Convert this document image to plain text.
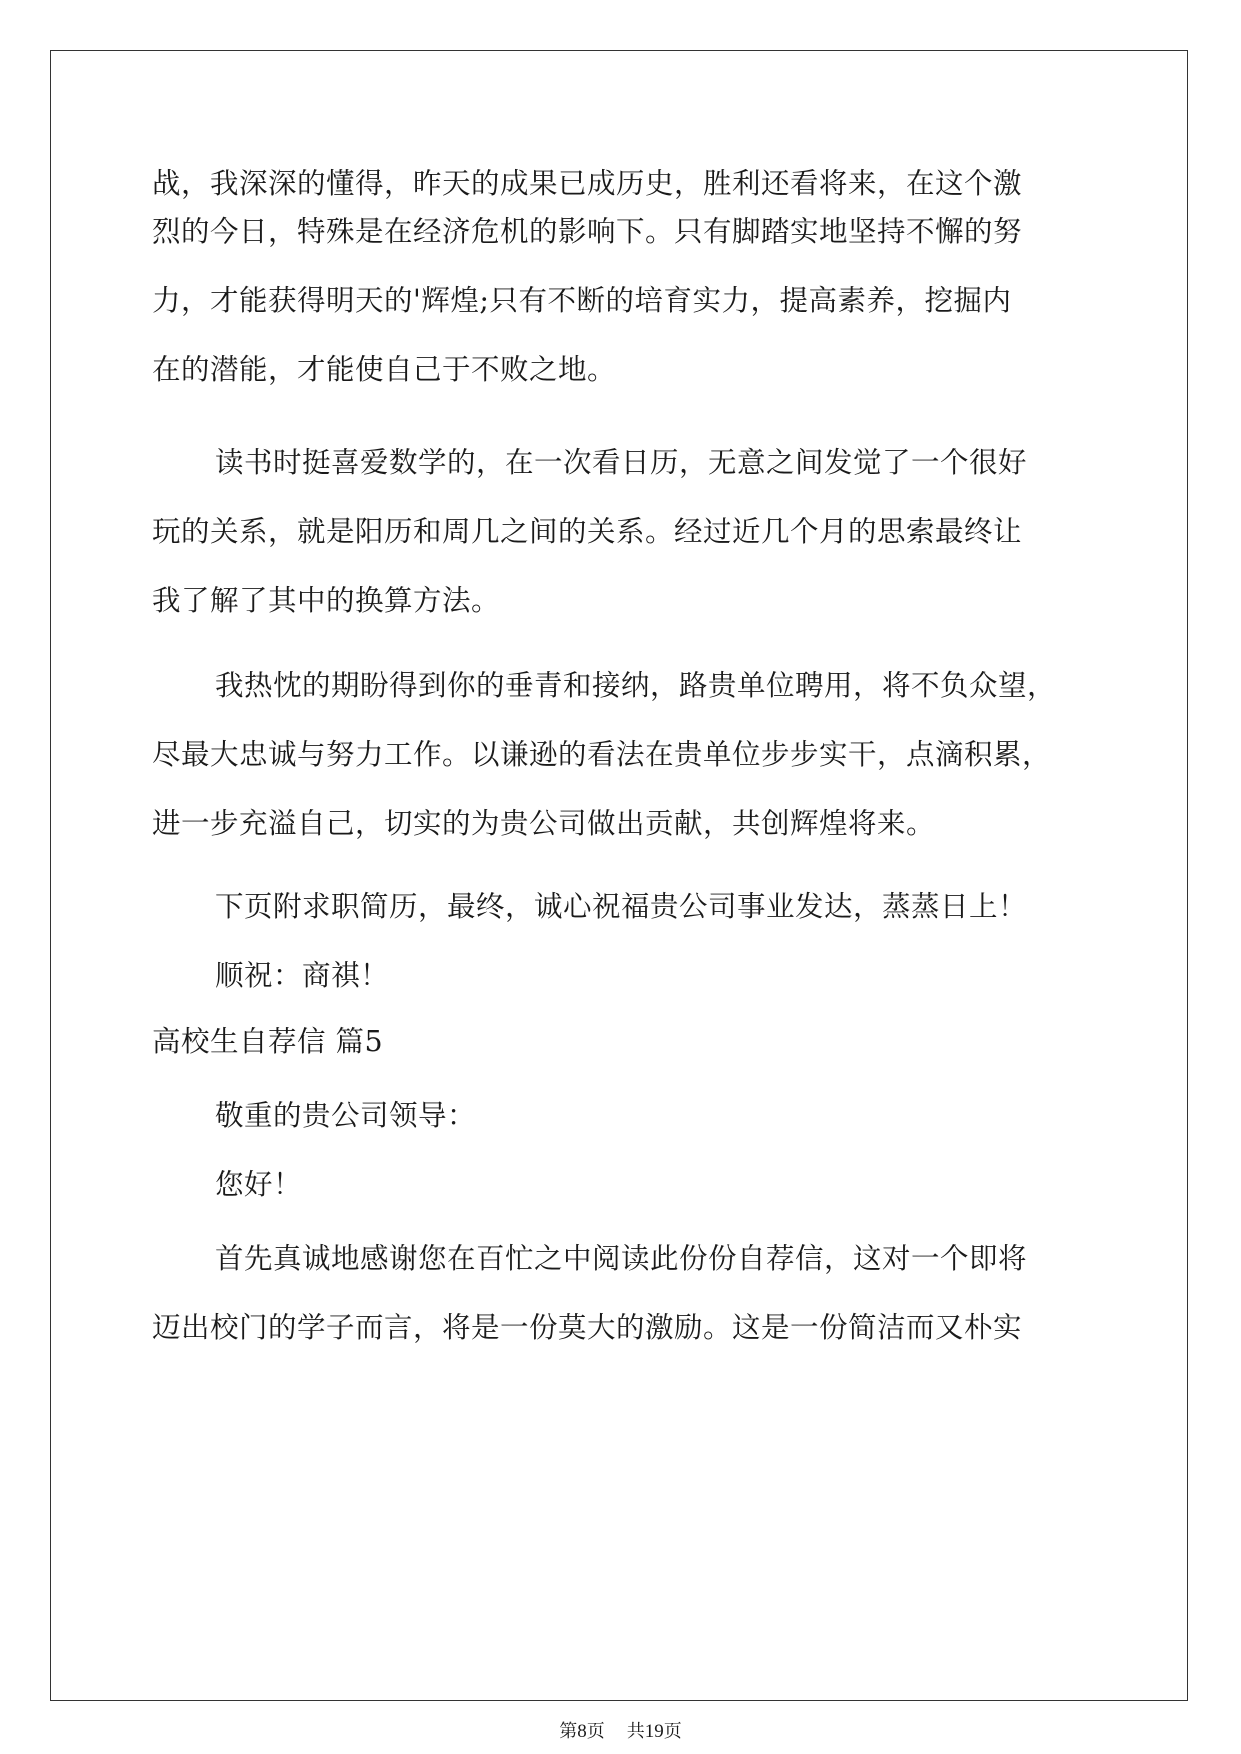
战，我深深的懂得，昨天的成果已成历史，胜利还看将来，在这个激
烈的今日，特殊是在经济危机的影响下。只有脚踏实地坚持不懈的努
力，才能获得明天的'辉煌;只有不断的培育实力，提高素养，挖掘内
在的潜能，才能使自己于不败之地。
读书时挺喜爱数学的，在一次看日历，无意之间发觉了一个很好
玩的关系，就是阳历和周几之间的关系。经过近几个月的思索最终让
我了解了其中的换算方法。
我热忱的期盼得到你的垂青和接纳，路贵单位聘用，将不负众望，
尽最大忠诚与努力工作。以谦逊的看法在贵单位步步实干，点滴积累，
进一步充溢自己，切实的为贵公司做出贡献，共创辉煌将来。
下页附求职简历，最终，诚心祝福贵公司事业发达，蒸蒸日上！
顺祝：商祺！
高校生自荐信 篇5
敬重的贵公司领导：
您好！
首先真诚地感谢您在百忙之中阅读此份份自荐信，这对一个即将
迈出校门的学子而言，将是一份莫大的激励。这是一份简洁而又朴实
第8页 共19页
